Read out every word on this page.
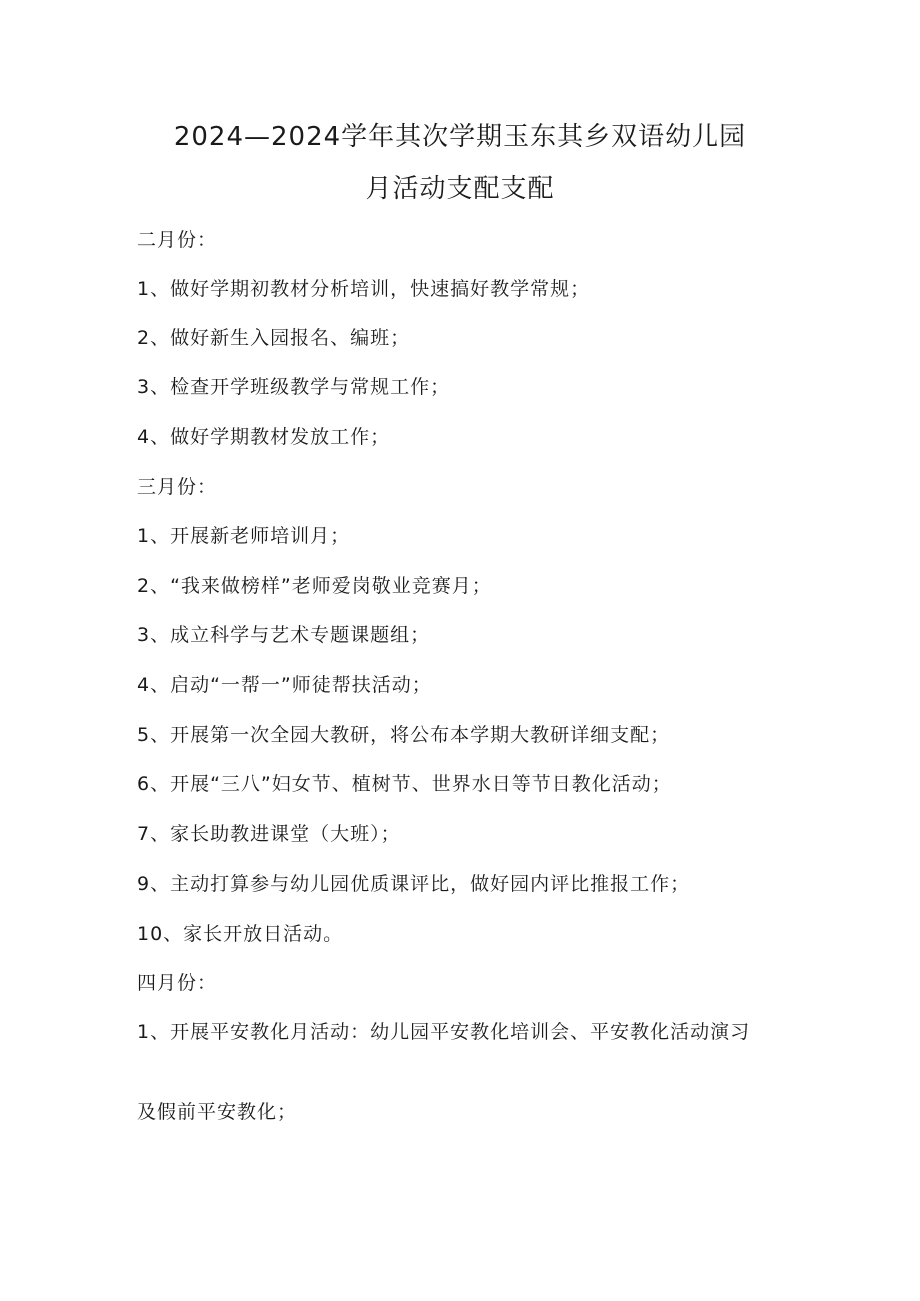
2024—2024学年其次学期玉东其乡双语幼儿园
月活动支配支配
二月份：
1、做好学期初教材分析培训，快速搞好教学常规；
2、做好新生入园报名、编班；
3、检查开学班级教学与常规工作；
4、做好学期教材发放工作；
三月份：
1、开展新老师培训月；
2、“我来做榜样”老师爱岗敬业竞赛月；
3、成立科学与艺术专题课题组；
4、启动“一帮一”师徒帮扶活动；
5、开展第一次全园大教研，将公布本学期大教研详细支配；
6、开展“三八”妇女节、植树节、世界水日等节日教化活动；
7、家长助教进课堂（大班）；
9、主动打算参与幼儿园优质课评比，做好园内评比推报工作；
10、家长开放日活动。
四月份：
1、开展平安教化月活动：幼儿园平安教化培训会、平安教化活动演习
及假前平安教化；
